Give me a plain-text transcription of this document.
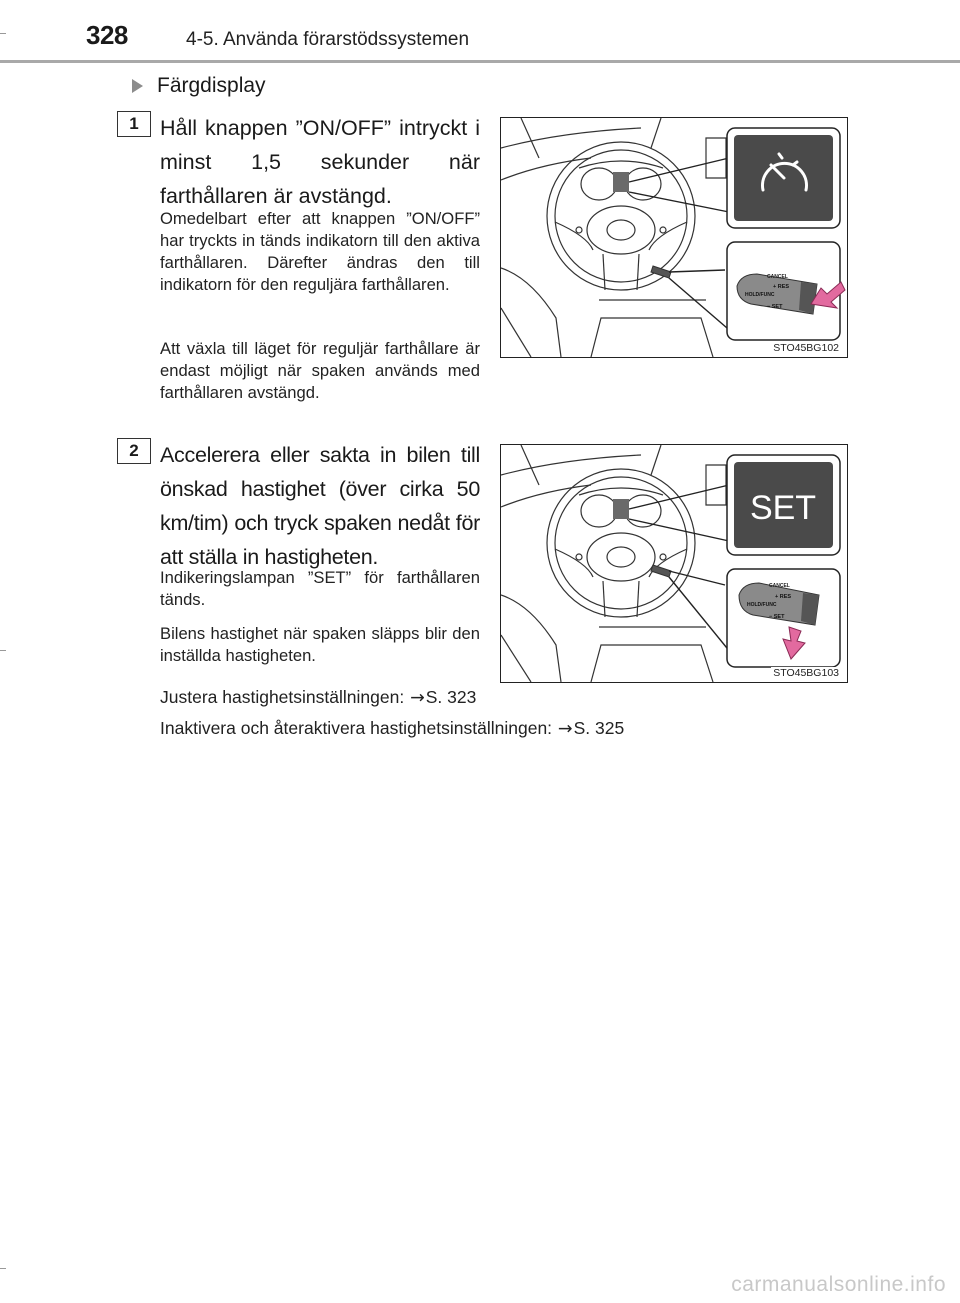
328	4-5. Använda förarstödssystemen
Färgdisplay
1 Håll knappen ”ON/OFF” intryckt i minst 1,5 sekunder när farthållaren är avstängd.
Omedelbart efter att knappen ”ON/OFF” har tryckts in tänds indikatorn till den aktiva farthållaren. Därefter ändras den till indikatorn för den reguljära farthållaren.
Att växla till läget för reguljär farthållare är endast möjligt när spaken används med farthållaren avstängd.
CANCEL
+ RES
HOLD/FUNC
− SET
STO45BG102
2 Accelerera eller sakta in bilen till önskad hastighet (över cirka 50 km/tim) och tryck spaken nedåt för att ställa in hastigheten.
Indikeringslampan ”SET” för farthållaren tänds.
Bilens hastighet när spaken släpps blir den inställda hastigheten.
SET
CANCEL
+ RES
HOLD/FUNC
− SET
STO45BG103
Justera hastighetsinställningen: →S. 323
Inaktivera och återaktivera hastighetsinställningen: →S. 325
carmanualsonline.info
